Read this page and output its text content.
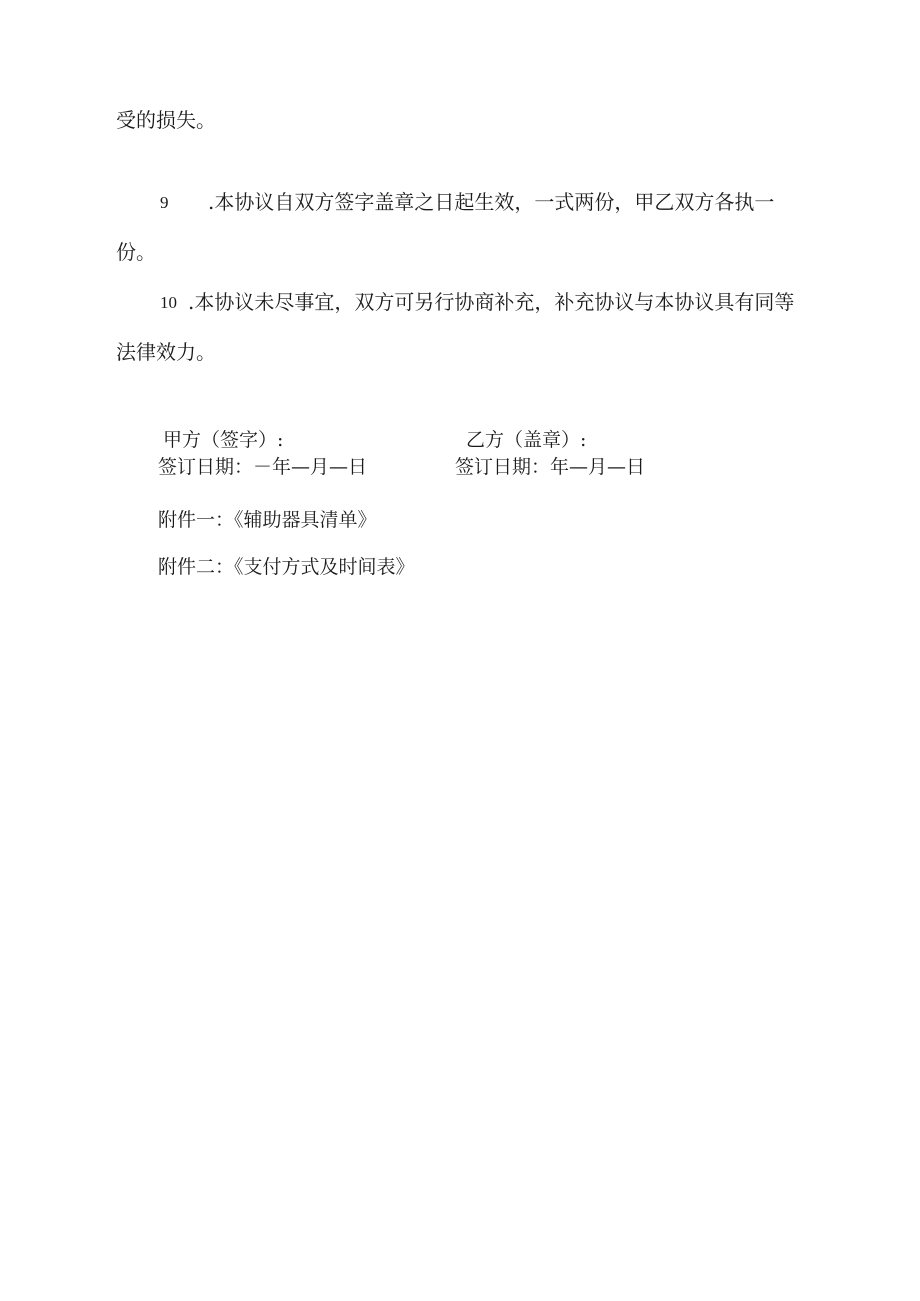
受的损失。
9 .本协议自双方签字盖章之日起生效，一式两份，甲乙双方各执一
份。
10 .本协议未尽事宜，双方可另行协商补充，补充协议与本协议具有同等
法律效力。
甲方（签字）:	乙方（盖章）:
签订日期：－年—月—日	签订日期：年—月—日
附件一：《辅助器具清单》
附件二：《支付方式及时间表》
